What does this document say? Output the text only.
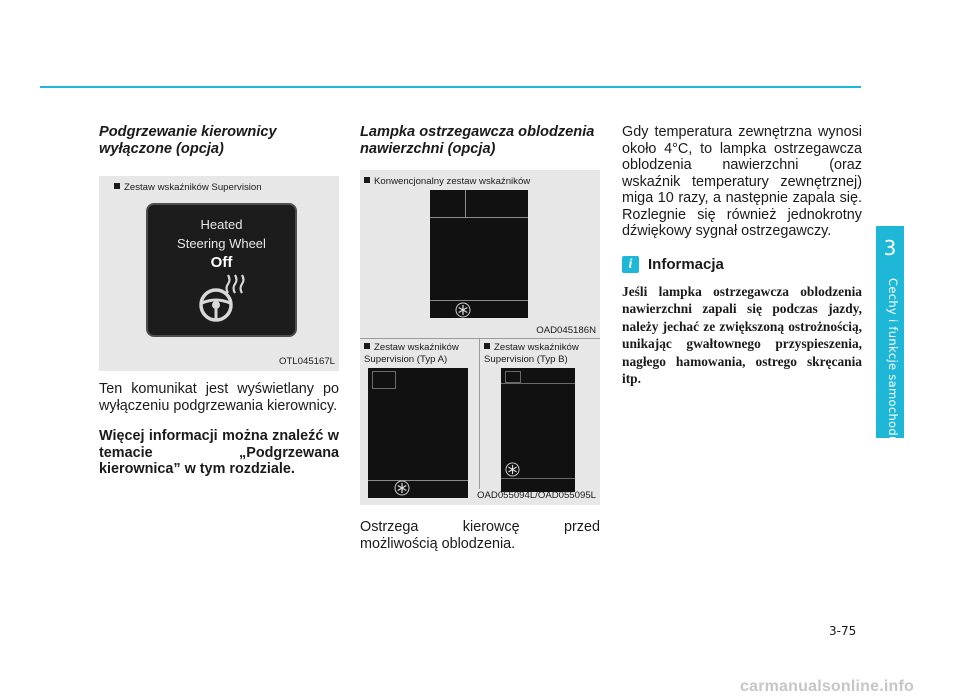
3
Cechy i funkcje samochodu
Podgrzewanie kierownicy wyłączone (opcja)
Zestaw wskaźników Supervision
Heated
Steering Wheel
Off
OTL045167L

Ten komunikat jest wyświetlany po wyłączeniu podgrzewania kierownicy.

Więcej informacji można znaleźć w temacie „Podgrzewana kierownica” w tym rozdziale.

Lampka ostrzegawcza oblodzenia nawierzchni (opcja)
Konwencjonalny zestaw wskaźników
OAD045186N
Zestaw wskaźników Supervision (Typ A)
Zestaw wskaźników Supervision (Typ B)
OAD055094L/OAD055095L

Ostrzega kierowcę przed możliwością oblodzenia.

Gdy temperatura zewnętrzna wynosi około 4°C, to lampka ostrzegawcza oblodzenia nawierzchni (oraz wskaźnik temperatury zewnętrznej) miga 10 razy, a następnie zapala się. Rozlegnie się również jednokrotny dźwiękowy sygnał ostrzegawczy.

i	Informacja

Jeśli lampka ostrzegawcza oblodzenia nawierzchni zapali się podczas jazdy, należy jechać ze zwiększoną ostrożnością, unikając gwałtownego przyspieszenia, nagłego hamowania, ostrego skręcania itp.

3-75
carmanualsonline.info
